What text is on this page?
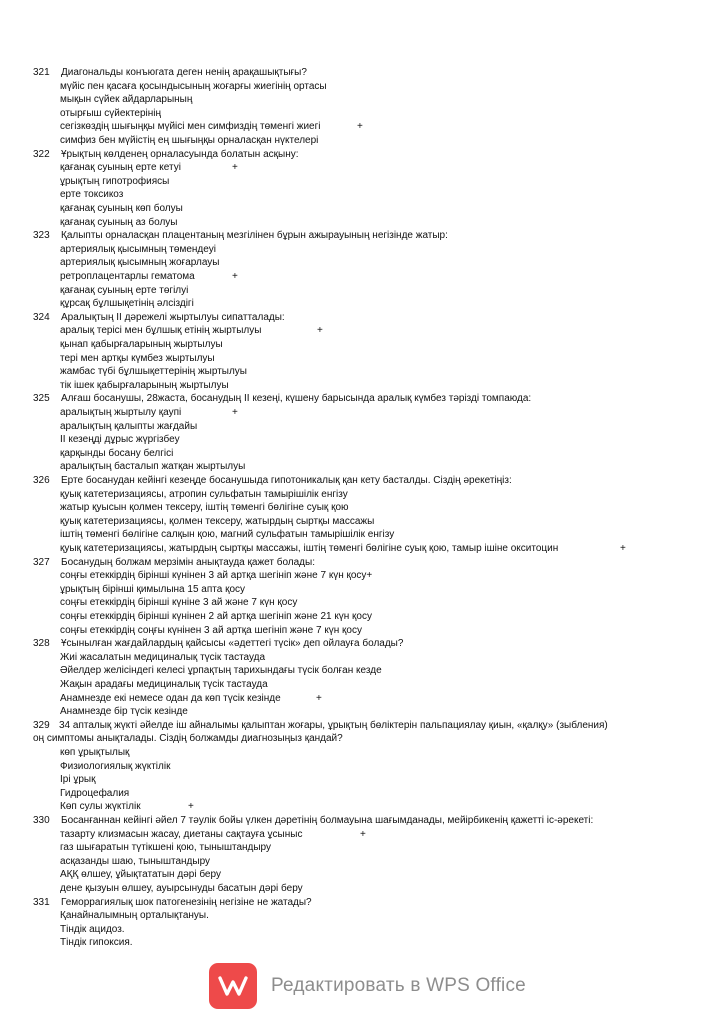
321 Диагональды конъюгата деген ненің арақашықтығы?
мүйіс пен қасаға қосындысының жоғарғы жиегінің ортасы
мықын сүйек айдарларының
отырғыш сүйектерінің
сегізкөздің шығыңқы мүйісі мен симфиздің төменгі жиегі	+
симфиз бен мүйістің ең шығыңқы орналасқан нүктелері
322 Ұрықтың көлденең орналасуында болатын асқыну:
қағанақ суының ерте кетуі	+
ұрықтың гипотрофиясы
ерте токсикоз
қағанақ суының көп болуы
қағанақ суының аз болуы
323 Қалыпты орналасқан плацентаның мезгілінен бұрын ажырауының негізінде жатыр:
артериялық қысымның төмендеуі
артериялық қысымның жоғарлауы
ретроплацентарлы гематома	+
қағанақ суының ерте төгілуі
құрсақ бұлшықетінің әлсіздігі
324 Аралықтың II дәрежелі жыртылуы сипатталады:
аралық терісі мен бұлшық етінің жыртылуы	+
қынап қабырғаларының жыртылуы
тері мен артқы күмбез жыртылуы
жамбас түбі бұлшықеттерінің жыртылуы
тік ішек қабырғаларының жыртылуы
325 Алғаш босанушы, 28жаста, босанудың II кезеңі, күшену барысында аралық күмбез тәрізді томпаюда:
аралықтың жыртылу қаупі	+
аралықтың қалыпты жағдайы
II кезеңді дұрыс жүргізбеу
қарқынды босану белгісі
аралықтың басталып жатқан жыртылуы
326 Ерте босанудан кейінгі кезеңде босанушыда гипотоникалық қан кету басталды. Сіздің әрекетіңіз:
қуық катетеризациясы, атропин сульфатын тамырішілік енгізу
жатыр қуысын қолмен тексеру, іштің төменгі бөлігіне суық қою
қуық катетеризациясы, қолмен тексеру, жатырдың сыртқы массажы
іштің төменгі бөлігіне салқын қою, магний сульфатын тамырішілік енгізу
қуық катетеризациясы, жатырдың сыртқы массажы, іштің төменгі бөлігіне суық қою, тамыр ішіне окситоцин	+
327 Босанудың болжам мерзімін анықтауда қажет болады:
соңғы етеккірдің бірінші күнінен 3 ай артқа шегініп және 7 күн қосу+
ұрықтың бірінші қимылына 15 апта қосу
соңғы етеккірдің бірінші күніне 3 ай және 7 күн қосу
соңғы етеккірдің бірінші күнінен 2 ай артқа шегініп және 21 күн қосу
соңғы етеккірдің соңғы күнінен 3 ай артқа шегініп және 7 күн қосу
328 Ұсынылған жағдайлардың қайсысы «әдеттегі түсік» деп ойлауға болады?
Жиі жасалатын медициналық түсік тастауда
Әйелдер желісіндегі келесі ұрпақтың тарихындағы түсік болған кезде
Жақын арадағы медициналық түсік тастауда
Анамнезде екі немесе одан да көп түсік кезінде	+
Анамнезде бір түсік кезінде
329 34 апталық жүкті әйелде іш айналымы қалыптан жоғары, ұрықтың бөліктерін пальпациялау қиын, «қалқу» (зыбления)
оң симптомы анықталады. Сіздің болжамды диагнозыңыз қандай?
көп ұрықтылық
Физиологиялық жүктілік
Ірі ұрық
Гидроцефалия
Көп сулы жүктілік	+
330 Босанғаннан кейінгі әйел 7 тәулік бойы үлкен дәретінің болмауына шағымданады, мейірбикенің қажетті іс-әрекеті:
тазарту клизмасын жасау, диетаны сақтауға ұсыныс	+
газ шығаратын түтікшені қою, тыныштандыру
асқазанды шаю, тыныштандыру
АҚҚ өлшеу, ұйықтататын дәрі беру
дене қызуын өлшеу, ауырсынуды басатын дәрі беру
331 Геморрагиялық шок патогенезінің негізіне не жатады?
Қанайналымның орталықтануы.
Тіндік ацидоз.
Тіндік гипоксия.
Редактировать в WPS Office
